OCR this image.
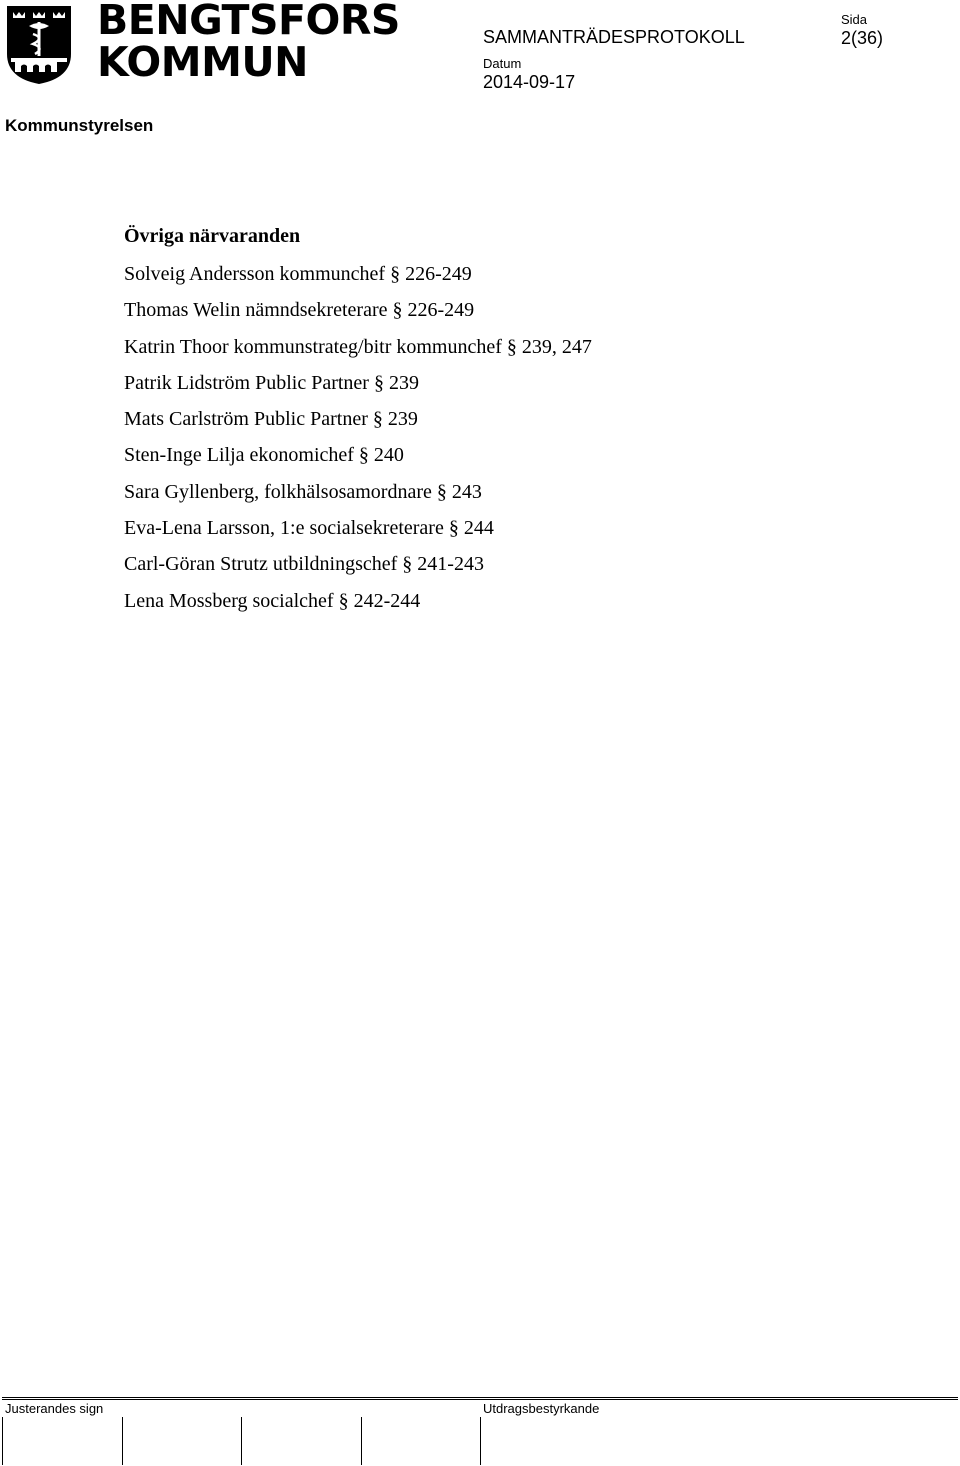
BENGTSFORS
KOMMUN
SAMMANTRÄDESPROTOKOLL
Sida
2(36)
Datum
2014-09-17
Kommunstyrelsen
Övriga närvaranden
Solveig Andersson kommunchef § 226-249
Thomas Welin nämndsekreterare § 226-249
Katrin Thoor kommunstrateg/bitr kommunchef § 239, 247
Patrik Lidström Public Partner § 239
Mats Carlström Public Partner § 239
Sten-Inge Lilja ekonomichef § 240
Sara Gyllenberg, folkhälsosamordnare § 243
Eva-Lena Larsson, 1:e socialsekreterare § 244
Carl-Göran Strutz utbildningschef § 241-243
Lena Mossberg socialchef § 242-244
Justerandes sign	Utdragsbestyrkande
